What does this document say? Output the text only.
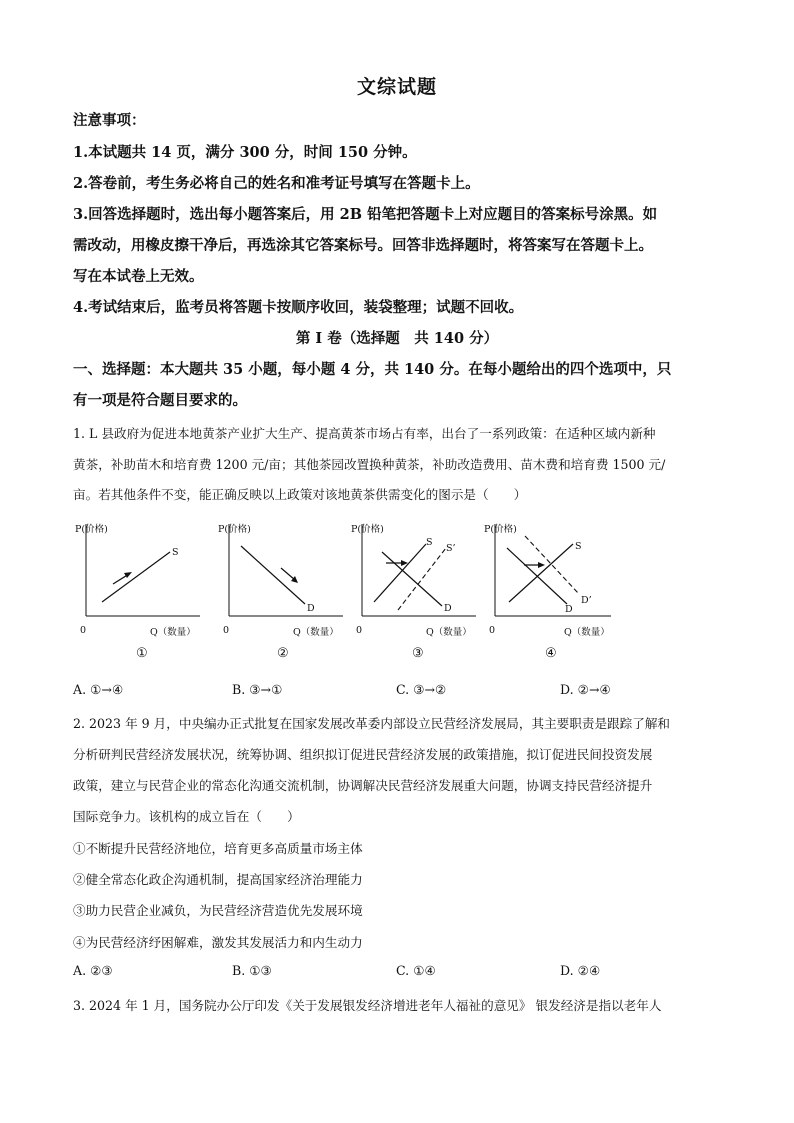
文综试题
注意事项：
1.本试题共 14 页，满分 300 分，时间 150 分钟。
2.答卷前，考生务必将自己的姓名和准考证号填写在答题卡上。
3.回答选择题时，选出每小题答案后，用 2B 铅笔把答题卡上对应题目的答案标号涂黑。如
需改动，用橡皮擦干净后，再选涂其它答案标号。回答非选择题时，将答案写在答题卡上。
写在本试卷上无效。
4.考试结束后，监考员将答题卡按顺序收回，装袋整理；试题不回收。
第 I 卷（选择题　共 140 分）
一、选择题：本大题共 35 小题，每小题 4 分，共 140 分。在每小题给出的四个选项中，只
有一项是符合题目要求的。
1. L 县政府为促进本地黄茶产业扩大生产、提高黄茶市场占有率，出台了一系列政策：在适种区域内新种
黄茶，补助苗木和培育费 1200 元/亩；其他茶园改置换种黄茶，补助改造费用、苗木费和培育费 1500 元/
亩。若其他条件不变，能正确反映以上政策对该地黄茶供需变化的图示是（　　）
P(价格)
0	Q（数量）
S
①
P(价格)
0	Q（数量）
D
②
P(价格)
0	Q（数量）
S
S’
D
③
P(价格)
0	Q（数量）
S
D
D’
④
A. ①→④	B. ③→①	C. ③→②	D. ②→④
2. 2023 年 9 月，中央编办正式批复在国家发展改革委内部设立民营经济发展局，其主要职责是跟踪了解和
分析研判民营经济发展状况，统筹协调、组织拟订促进民营经济发展的政策措施，拟订促进民间投资发展
政策，建立与民营企业的常态化沟通交流机制，协调解决民营经济发展重大问题，协调支持民营经济提升
国际竞争力。该机构的成立旨在（　　）
①不断提升民营经济地位，培育更多高质量市场主体
②健全常态化政企沟通机制，提高国家经济治理能力
③助力民营企业减负，为民营经济营造优先发展环境
④为民营经济纾困解难，激发其发展活力和内生动力
A. ②③	B. ①③	C. ①④	D. ②④
3. 2024 年 1 月，国务院办公厅印发《关于发展银发经济增进老年人福祉的意见》 银发经济是指以老年人
